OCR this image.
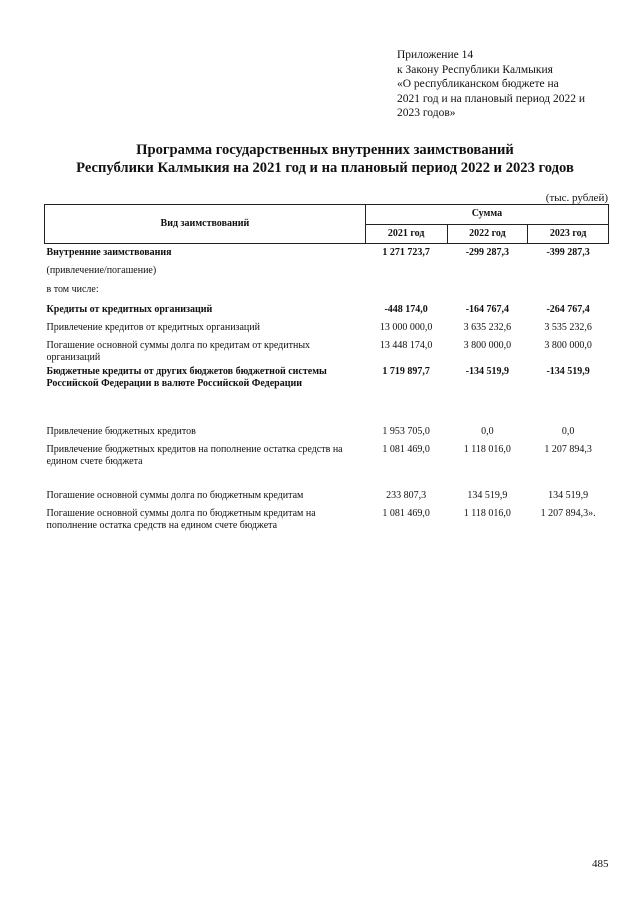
Приложение 14
к Закону Республики Калмыкия
«О республиканском бюджете на
2021 год и на плановый период 2022 и
2023 годов»
Программа государственных внутренних заимствований
Республики Калмыкия на 2021 год и на плановый период 2022 и 2023 годов
(тыс. рублей)
Вид заимствований	Сумма		
	2021 год	2022 год	2023 год
Внутренние заимствования	1 271 723,7	-299 287,3	-399 287,3
(привлечение/погашение)			
в том числе:			
Кредиты от кредитных организаций	-448 174,0	-164 767,4	-264 767,4
Привлечение кредитов от кредитных организаций	13 000 000,0	3 635 232,6	3 535 232,6
Погашение основной суммы долга по кредитам от кредитных организаций	13 448 174,0	3 800 000,0	3 800 000,0
Бюджетные кредиты от других бюджетов бюджетной системы Российской Федерации в валюте Российской Федерации	1 719 897,7	-134 519,9	-134 519,9
Привлечение бюджетных кредитов	1 953 705,0	0,0	0,0
Привлечение бюджетных кредитов на пополнение остатка средств на едином счете бюджета	1 081 469,0	1 118 016,0	1 207 894,3
Погашение основной суммы долга по бюджетным кредитам	233 807,3	134 519,9	134 519,9
Погашение основной суммы долга по бюджетным кредитам на пополнение остатка средств на едином счете бюджета	1 081 469,0	1 118 016,0	1 207 894,3».
485
